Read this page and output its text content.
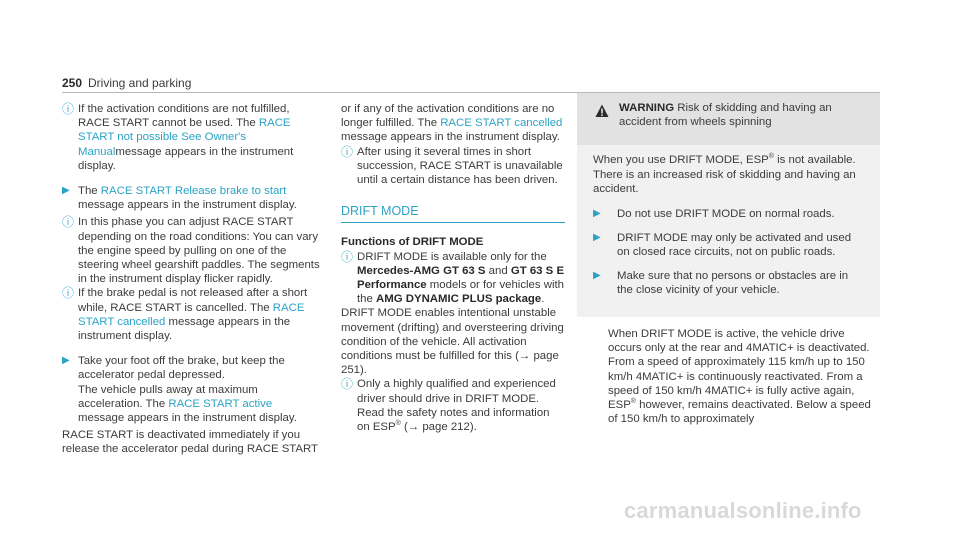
250 Driving and parking
ⓘ If the activation conditions are not fulfilled, RACE START cannot be used. The RACE START not possible See Owner's Manualmessage appears in the instrument display.

▶ The RACE START Release brake to start message appears in the instrument display.

ⓘ In this phase you can adjust RACE START depending on the road conditions: You can vary the engine speed by pulling on one of the steering wheel gearshift paddles. The segments in the instrument display flicker rapidly.

ⓘ If the brake pedal is not released after a short while, RACE START is cancelled. The RACE START cancelled message appears in the instrument display.

▶ Take your foot off the brake, but keep the accelerator pedal depressed.

The vehicle pulls away at maximum acceleration. The RACE START active message appears in the instrument display.

RACE START is deactivated immediately if you release the accelerator pedal during RACE START

or if any of the activation conditions are no longer fulfilled. The RACE START cancelled message appears in the instrument display.

ⓘ After using it several times in short succession, RACE START is unavailable until a certain distance has been driven.

DRIFT MODE

Functions of DRIFT MODE

ⓘ DRIFT MODE is available only for the Mercedes-AMG GT 63 S and GT 63 S E Performance models or for vehicles with the AMG DYNAMIC PLUS package.

DRIFT MODE enables intentional unstable movement (drifting) and oversteering driving condition of the vehicle. All activation conditions must be fulfilled for this (→ page 251).

ⓘ Only a highly qualified and experienced driver should drive in DRIFT MODE.

Read the safety notes and information on ESP® (→ page 212).

WARNING Risk of skidding and having an accident from wheels spinning

When you use DRIFT MODE, ESP® is not available.

There is an increased risk of skidding and having an accident.

▶	Do not use DRIFT MODE on normal roads.

▶	DRIFT MODE may only be activated and used on closed race circuits, not on public roads.

▶	Make sure that no persons or obstacles are in the close vicinity of your vehicle.

When DRIFT MODE is active, the vehicle drive occurs only at the rear and 4MATIC+ is deactivated.

From a speed of approximately 115 km/h up to 150 km/h 4MATIC+ is continuously reactivated. From a speed of 150 km/h 4MATIC+ is fully active again, ESP® however, remains deactivated. Below a speed of 150 km/h to approximately

carmanualsonline.info
